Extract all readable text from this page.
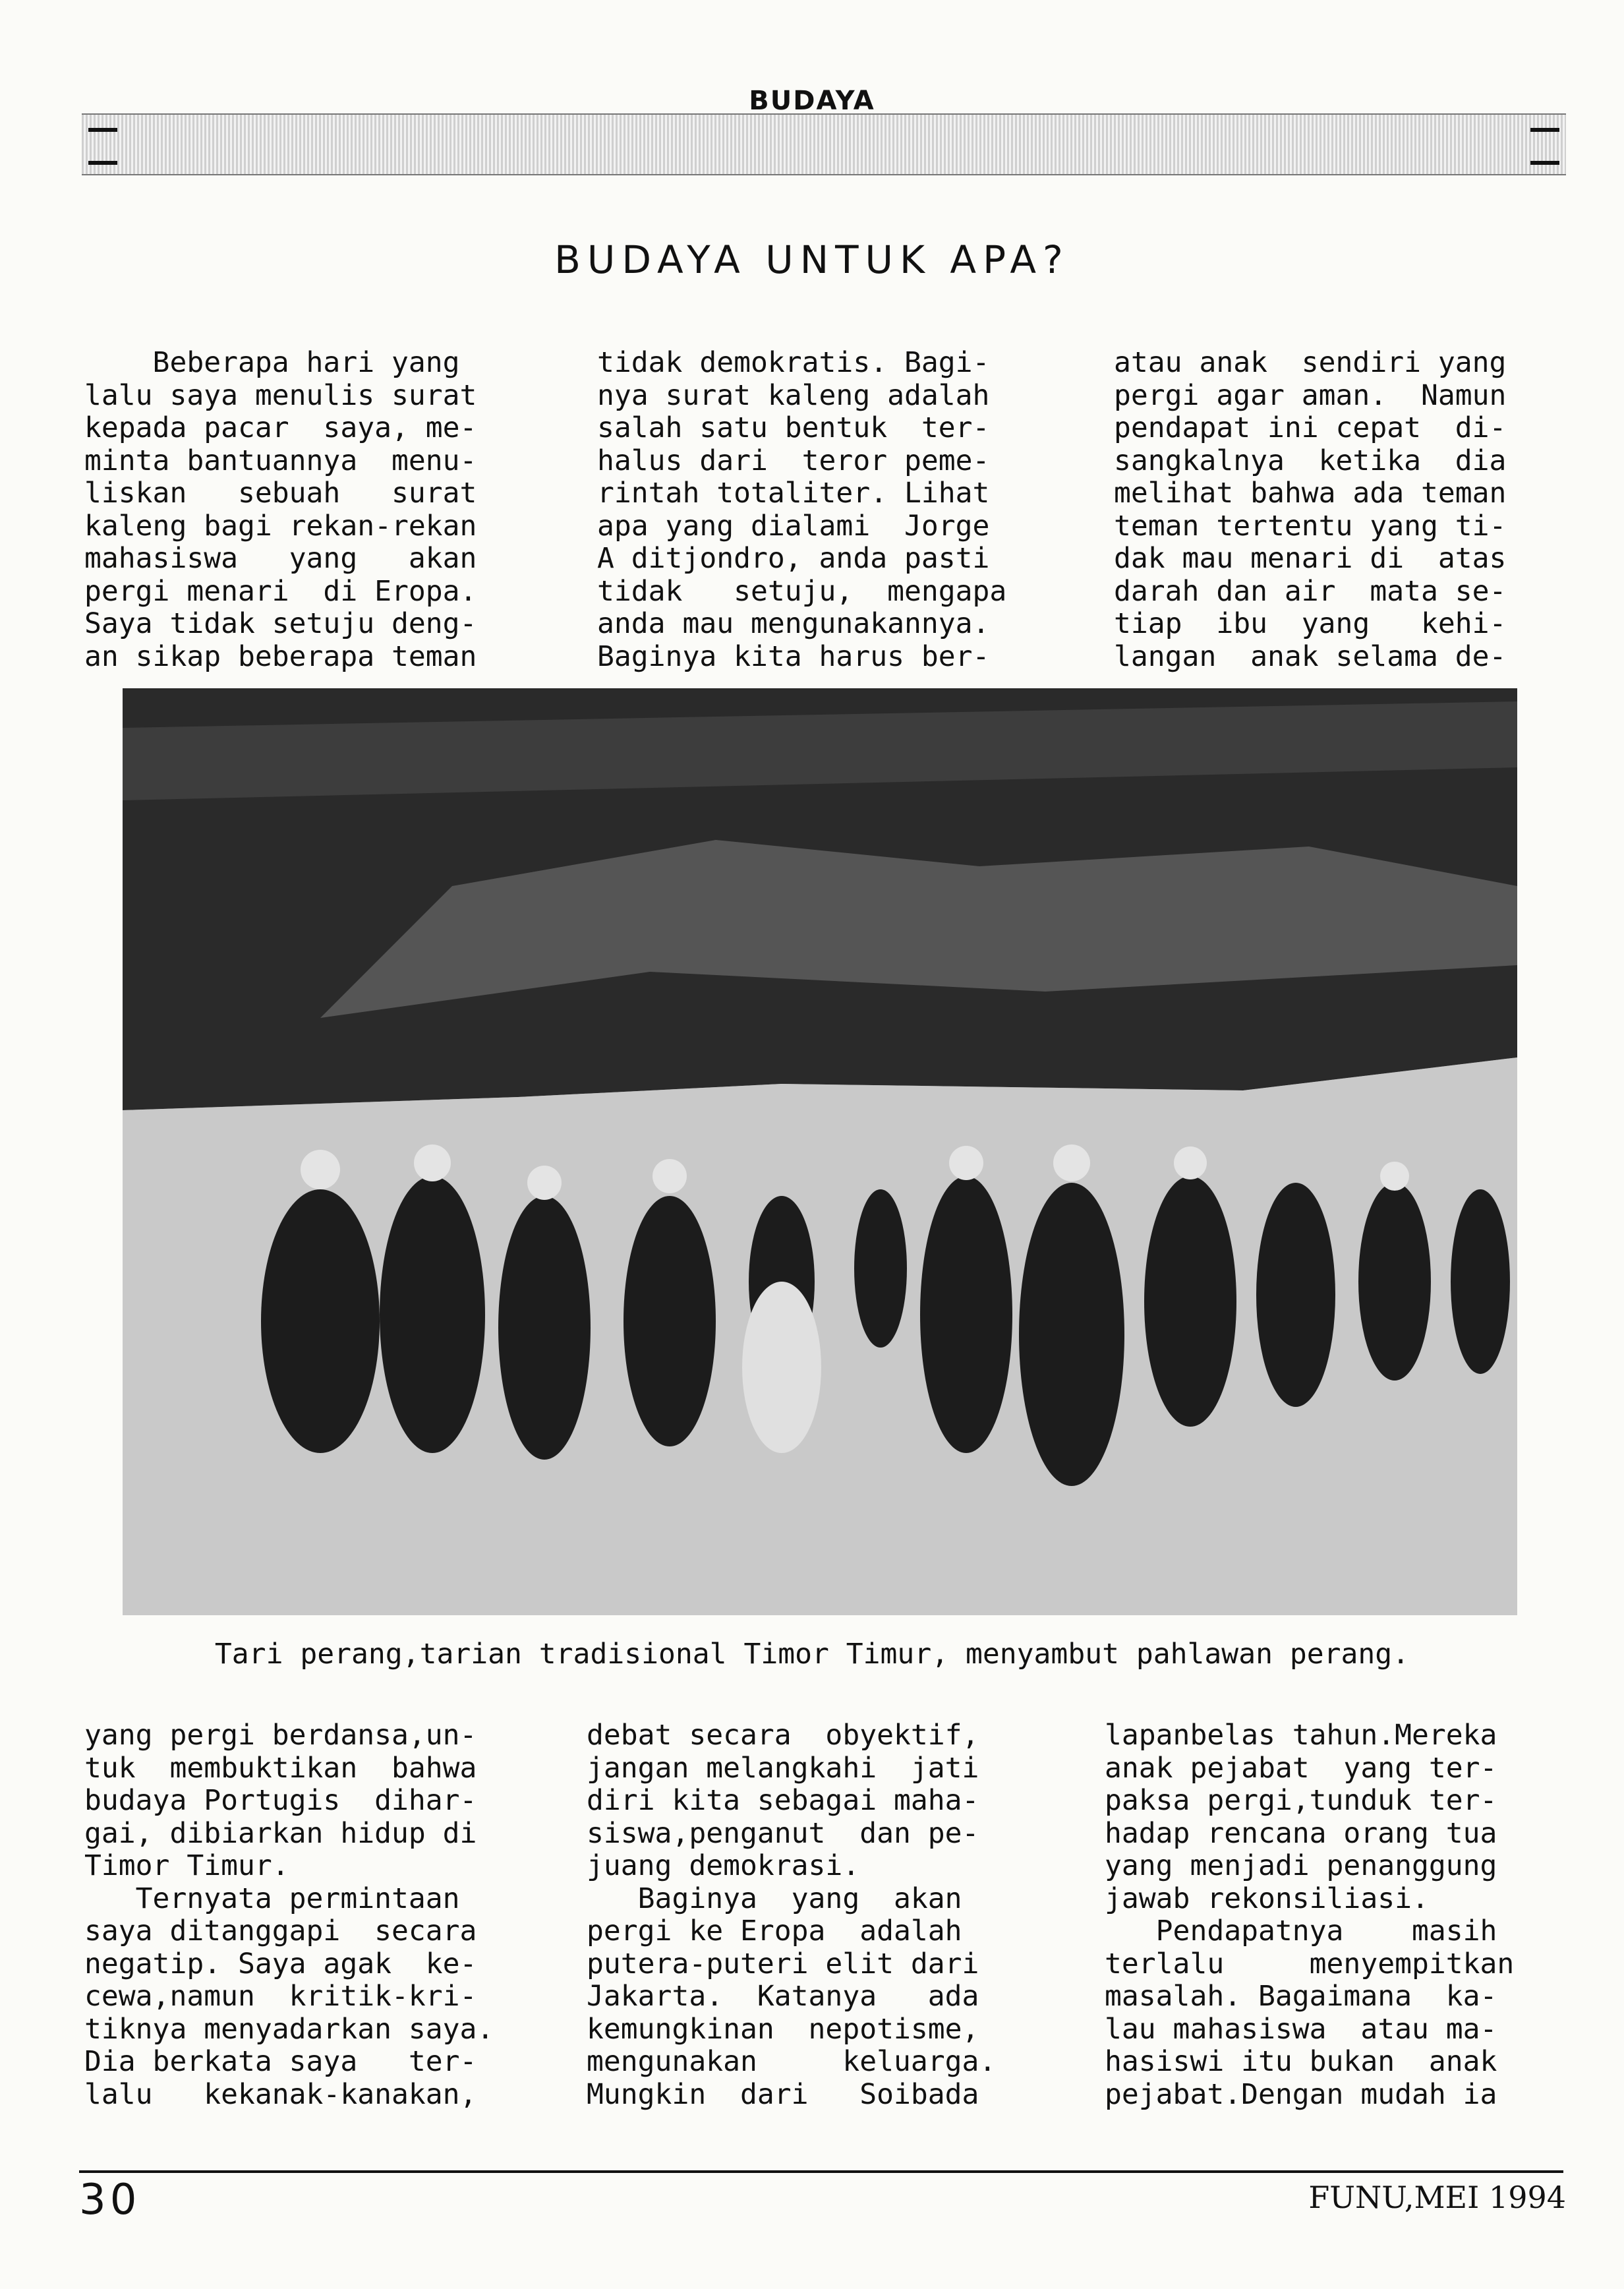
BUDAYA
BUDAYA UNTUK APA?
Beberapa hari yang
lalu saya menulis surat
kepada pacar  saya, me-
minta bantuannya  menu-
liskan   sebuah   surat
kaleng bagi rekan-rekan
mahasiswa   yang   akan
pergi menari  di Eropa.
Saya tidak setuju deng-
an sikap beberapa teman
tidak demokratis. Bagi-
nya surat kaleng adalah
salah satu bentuk  ter-
halus dari  teror peme-
rintah totaliter. Lihat
apa yang dialami  Jorge
A ditjondro, anda pasti
tidak   setuju,  mengapa
anda mau mengunakannya.
Baginya kita harus ber-
atau anak  sendiri yang
pergi agar aman.  Namun
pendapat ini cepat  di-
sangkalnya  ketika  dia
melihat bahwa ada teman
teman tertentu yang ti-
dak mau menari di  atas
darah dan air  mata se-
tiap  ibu  yang   kehi-
langan  anak selama de-
Tari perang,tarian tradisional Timor Timur, menyambut pahlawan perang.
yang pergi berdansa,un-
tuk  membuktikan  bahwa
budaya Portugis  dihar-
gai, dibiarkan hidup di
Timor Timur.
Ternyata permintaan
saya ditanggapi  secara
negatip. Saya agak  ke-
cewa,namun  kritik-kri-
tiknya menyadarkan saya.
Dia berkata saya   ter-
lalu   kekanak-kanakan,
debat secara  obyektif,
jangan melangkahi  jati
diri kita sebagai maha-
siswa,penganut  dan pe-
juang demokrasi.
Baginya  yang  akan
pergi ke Eropa  adalah
putera-puteri elit dari
Jakarta.  Katanya   ada
kemungkinan  nepotisme,
mengunakan     keluarga.
Mungkin  dari   Soibada
lapanbelas tahun.Mereka
anak pejabat  yang ter-
paksa pergi,tunduk ter-
hadap rencana orang tua
yang menjadi penanggung
jawab rekonsiliasi.
Pendapatnya    masih
terlalu     menyempitkan
masalah. Bagaimana  ka-
lau mahasiswa  atau ma-
hasiswi itu bukan  anak
pejabat.Dengan mudah ia
30	FUNU,MEI 1994
